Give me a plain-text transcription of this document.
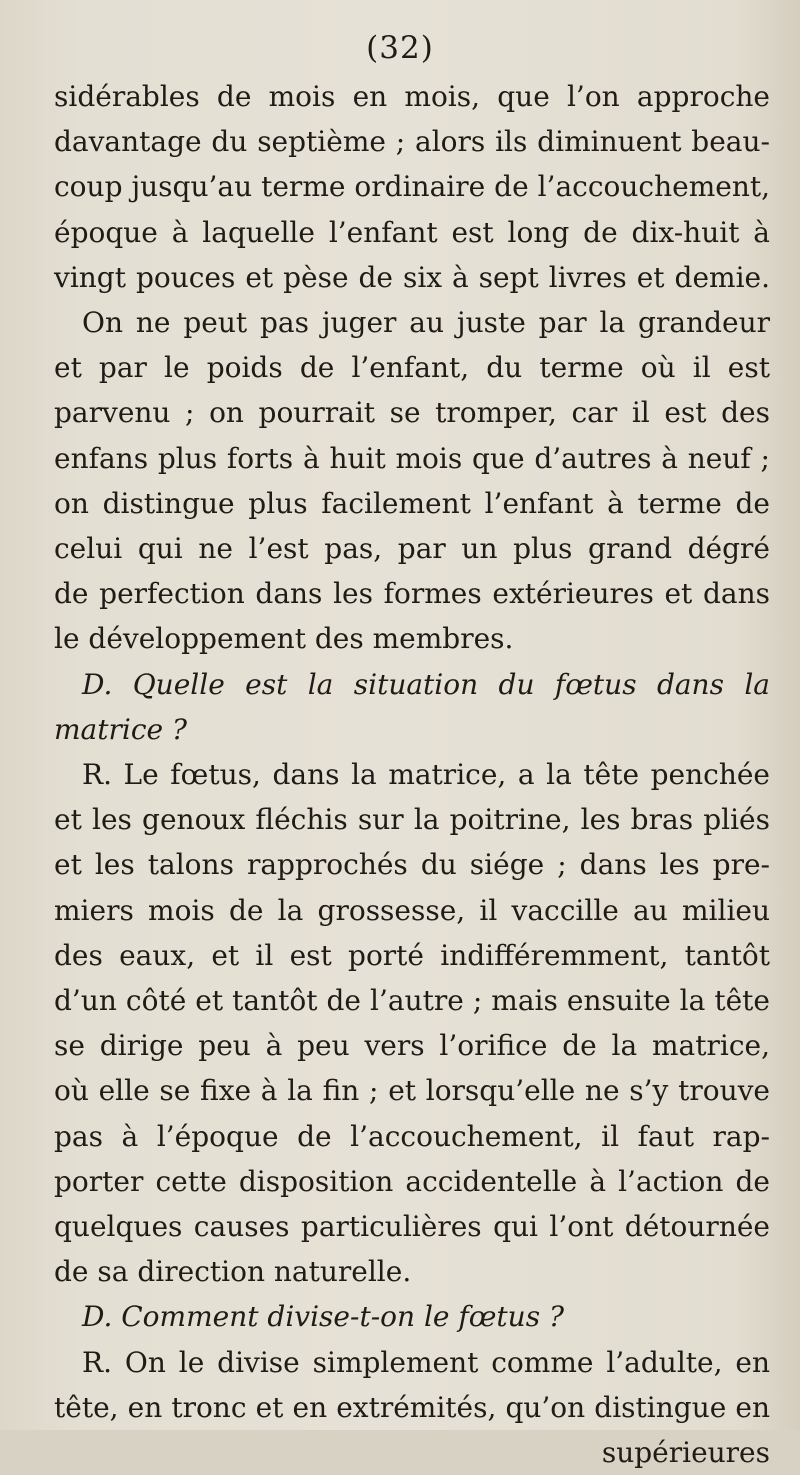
(32)
sidérables de mois en mois, que l’on approche
davantage du septième ; alors ils diminuent beau-
coup jusqu’au terme ordinaire de l’accouchement,
époque à laquelle l’enfant est long de dix-huit à
vingt pouces et pèse de six à sept livres et demie.
On ne peut pas juger au juste par la grandeur
et par le poids de l’enfant, du terme où il est
parvenu ; on pourrait se tromper, car il est des
enfans plus forts à huit mois que d’autres à neuf ;
on distingue plus facilement l’enfant à terme de
celui qui ne l’est pas, par un plus grand dégré
de perfection dans les formes extérieures et dans
le développement des membres.
D. Quelle est la situation du fœtus dans la
matrice ?
R. Le fœtus, dans la matrice, a la tête penchée
et les genoux fléchis sur la poitrine, les bras pliés
et les talons rapprochés du siége ; dans les pre-
miers mois de la grossesse, il vaccille au milieu
des eaux, et il est porté indifféremment, tantôt
d’un côté et tantôt de l’autre ; mais ensuite la tête
se dirige peu à peu vers l’orifice de la matrice,
où elle se fixe à la fin ; et lorsqu’elle ne s’y trouve
pas à l’époque de l’accouchement, il faut rap-
porter cette disposition accidentelle à l’action de
quelques causes particulières qui l’ont détournée
de sa direction naturelle.
D. Comment divise-t-on le fœtus ?
R. On le divise simplement comme l’adulte, en
tête, en tronc et en extrémités, qu’on distingue en
supérieures
